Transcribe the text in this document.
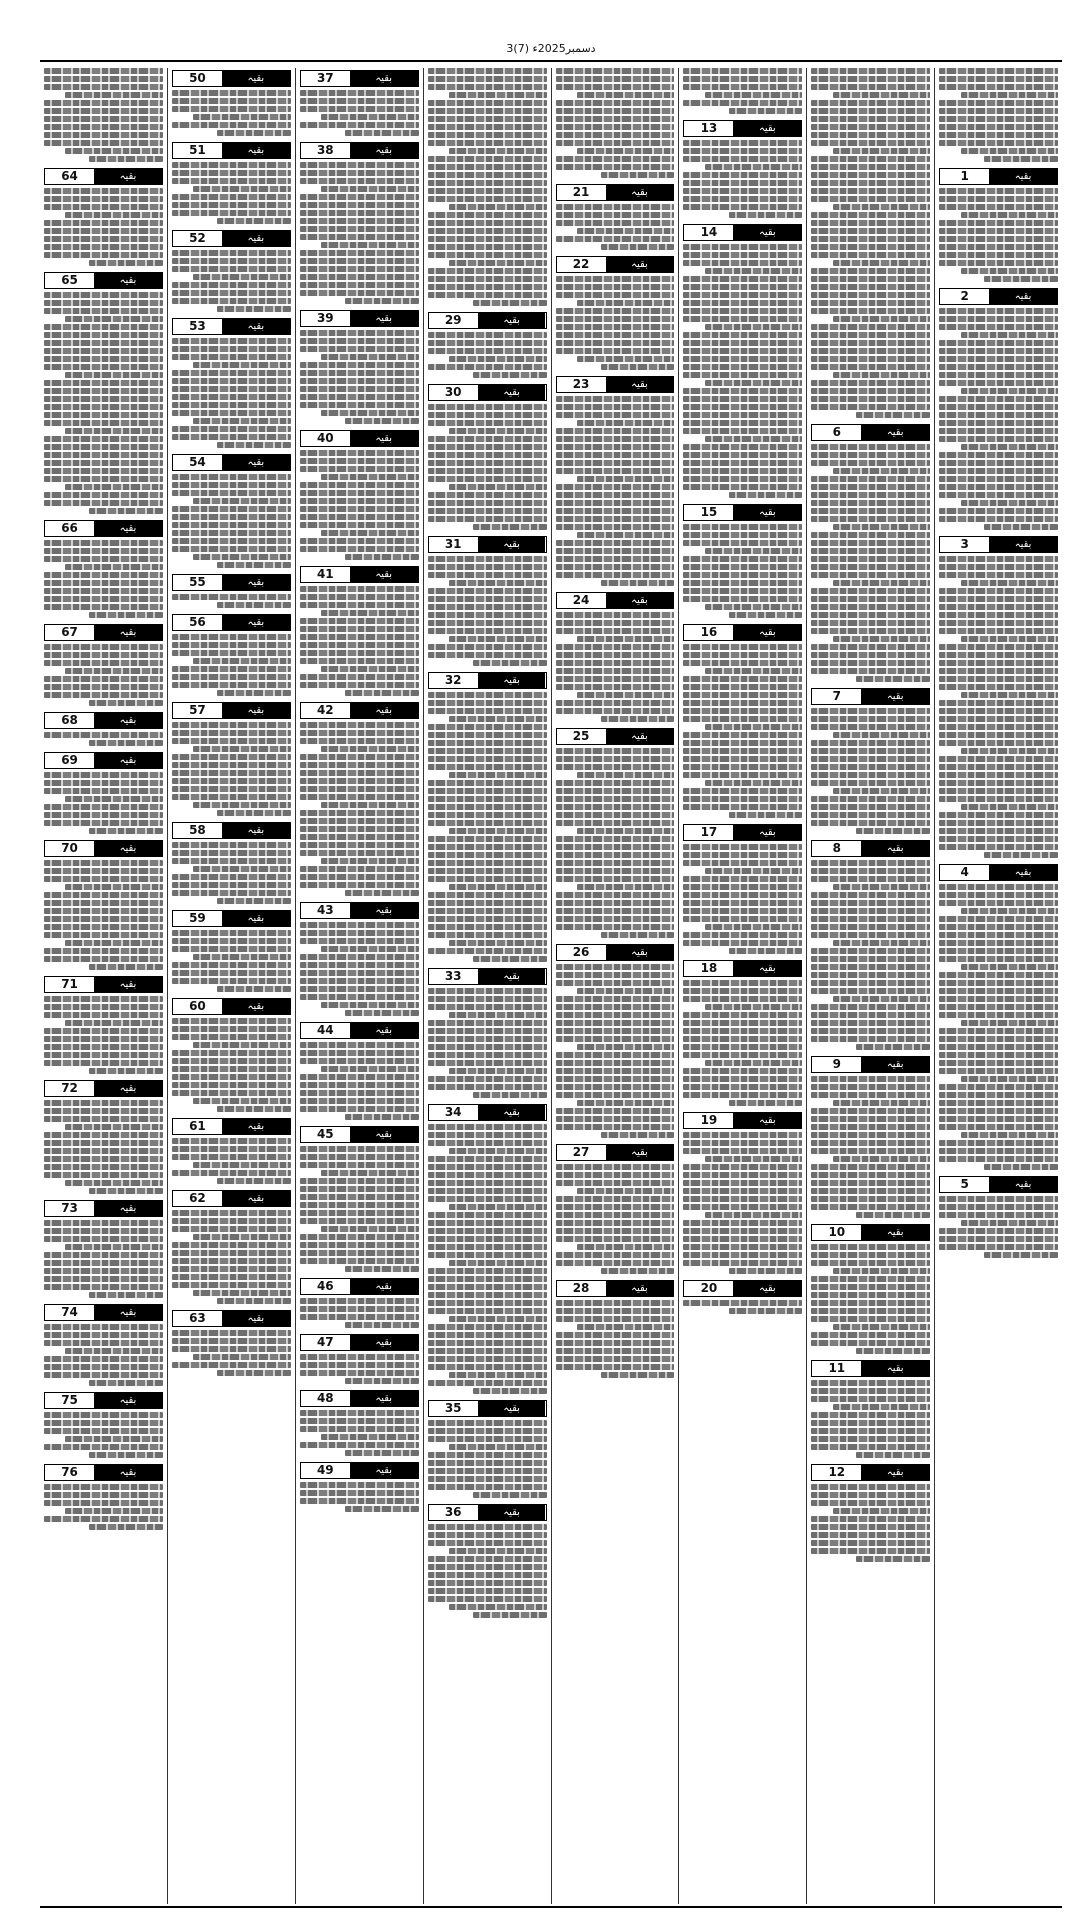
3دسمبر2025ء (7)
1	بقیہ
2	بقیہ
3	بقیہ
4	بقیہ
5	بقیہ
6	بقیہ
7	بقیہ
8	بقیہ
9	بقیہ
10	بقیہ
11	بقیہ
12	بقیہ
13	بقیہ
14	بقیہ
15	بقیہ
16	بقیہ
17	بقیہ
18	بقیہ
19	بقیہ
20	بقیہ
21	بقیہ
22	بقیہ
23	بقیہ
24	بقیہ
25	بقیہ
26	بقیہ
27	بقیہ
28	بقیہ
29	بقیہ
30	بقیہ
31	بقیہ
32	بقیہ
33	بقیہ
34	بقیہ
35	بقیہ
36	بقیہ
37	بقیہ
38	بقیہ
39	بقیہ
40	بقیہ
41	بقیہ
42	بقیہ
43	بقیہ
44	بقیہ
45	بقیہ
46	بقیہ
47	بقیہ
48	بقیہ
49	بقیہ
50	بقیہ
51	بقیہ
52	بقیہ
53	بقیہ
54	بقیہ
55	بقیہ
56	بقیہ
57	بقیہ
58	بقیہ
59	بقیہ
60	بقیہ
61	بقیہ
62	بقیہ
63	بقیہ
64	بقیہ
65	بقیہ
66	بقیہ
67	بقیہ
68	بقیہ
69	بقیہ
70	بقیہ
71	بقیہ
72	بقیہ
73	بقیہ
74	بقیہ
75	بقیہ
76	بقیہ
